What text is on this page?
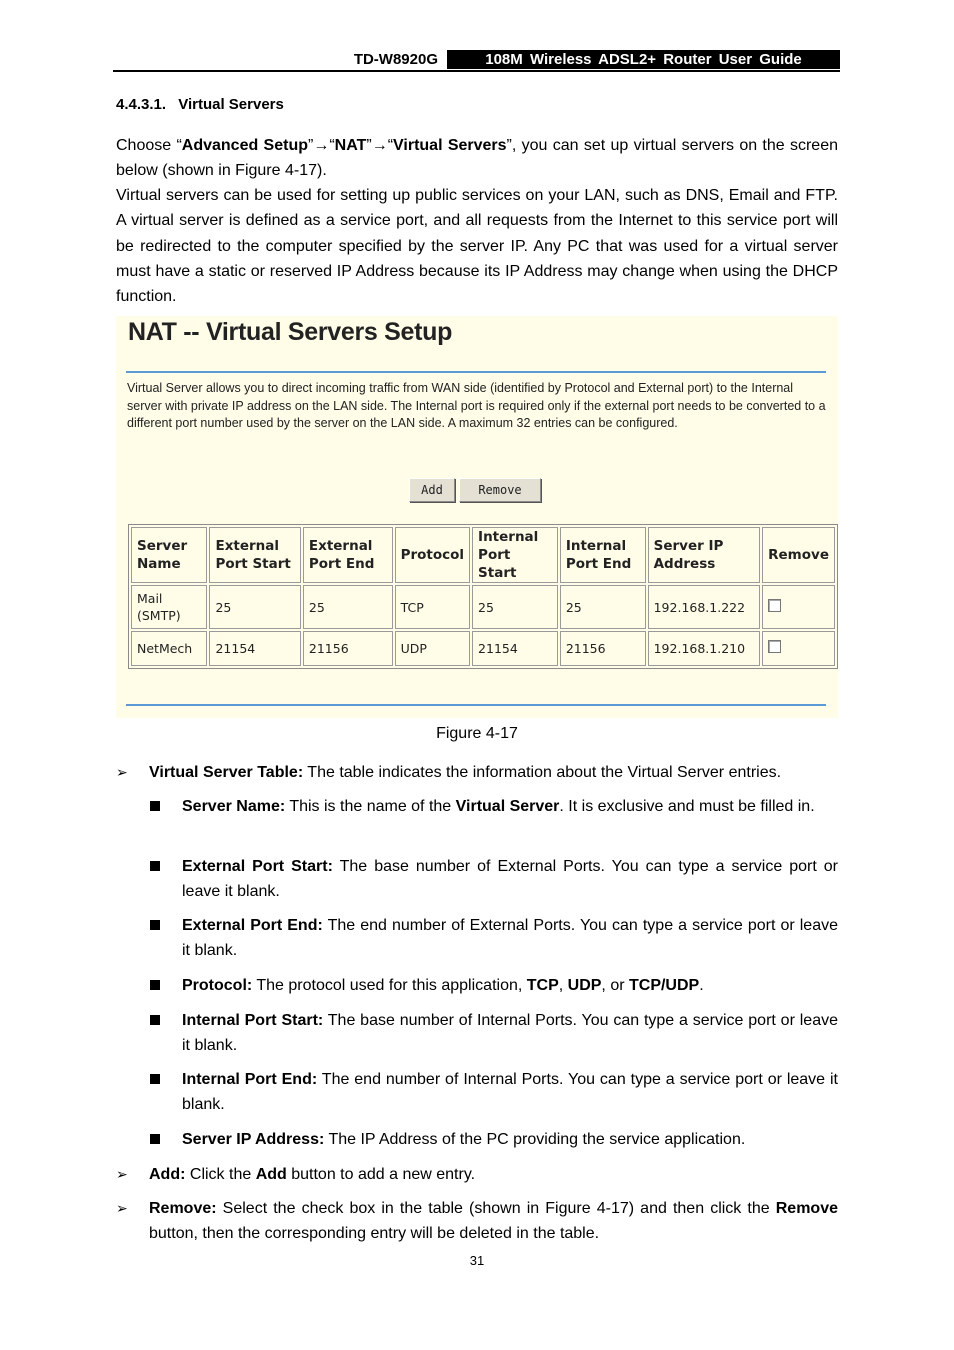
TD-W8920G	108M Wireless ADSL2+ Router User Guide
4.4.3.1. Virtual Servers
Choose “Advanced Setup”→“NAT”→“Virtual Servers”, you can set up virtual servers on the screen below (shown in Figure 4-17).
Virtual servers can be used for setting up public services on your LAN, such as DNS, Email and FTP. A virtual server is defined as a service port, and all requests from the Internet to this service port will be redirected to the computer specified by the server IP. Any PC that was used for a virtual server must have a static or reserved IP Address because its IP Address may change when using the DHCP function.
NAT -- Virtual Servers Setup
Virtual Server allows you to direct incoming traffic from WAN side (identified by Protocol and External port) to the Internal server with private IP address on the LAN side. The Internal port is required only if the external port needs to be converted to a different port number used by the server on the LAN side. A maximum 32 entries can be configured.
Add	Remove
Server Name	External Port Start	External Port End	Protocol	Internal Port Start	Internal Port End	Server IP Address	Remove
Mail (SMTP)	25	25	TCP	25	25	192.168.1.222	
NetMech	21154	21156	UDP	21154	21156	192.168.1.210	
Figure 4-17
➢ Virtual Server Table: The table indicates the information about the Virtual Server entries.
Server Name: This is the name of the Virtual Server. It is exclusive and must be filled in.
External Port Start: The base number of External Ports. You can type a service port or leave it blank.
External Port End: The end number of External Ports. You can type a service port or leave it blank.
Protocol: The protocol used for this application, TCP, UDP, or TCP/UDP.
Internal Port Start: The base number of Internal Ports. You can type a service port or leave it blank.
Internal Port End: The end number of Internal Ports. You can type a service port or leave it blank.
Server IP Address: The IP Address of the PC providing the service application.
➢ Add: Click the Add button to add a new entry.
➢ Remove: Select the check box in the table (shown in Figure 4-17) and then click the Remove button, then the corresponding entry will be deleted in the table.
31
